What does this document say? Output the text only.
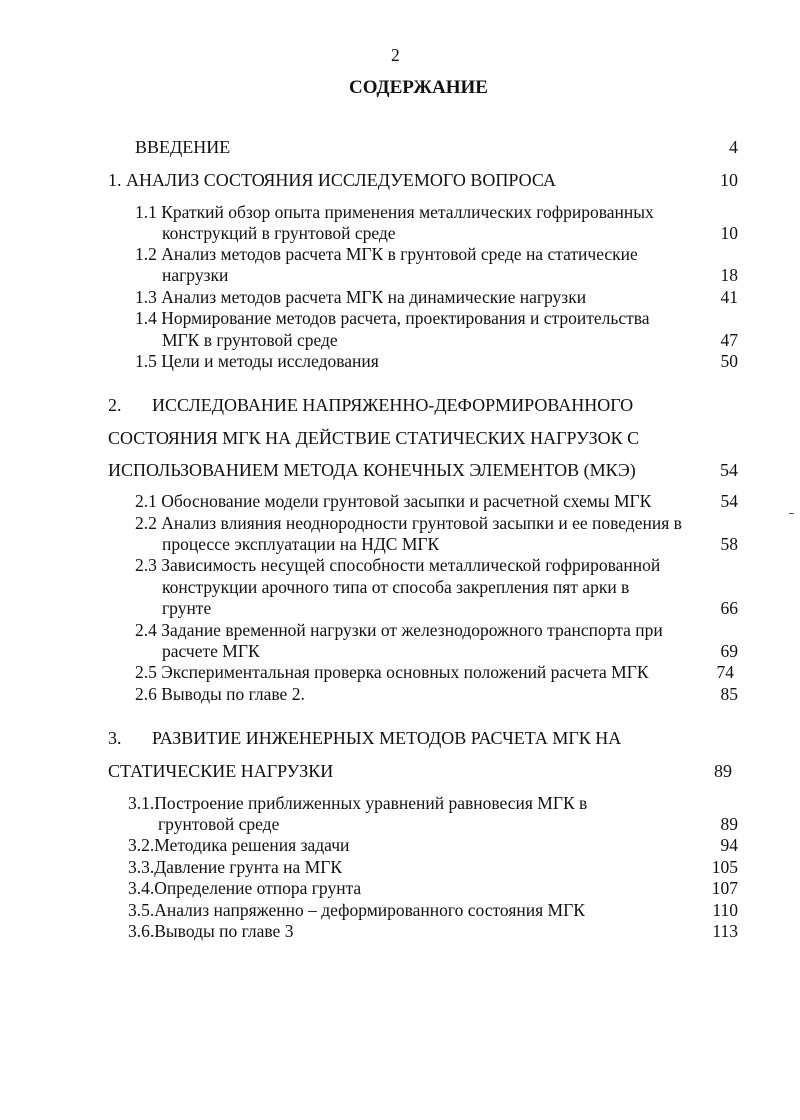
2
СОДЕРЖАНИЕ
ВВЕДЕНИЕ	4
1. АНАЛИЗ СОСТОЯНИЯ ИССЛЕДУЕМОГО ВОПРОСА	10
1.1 Краткий обзор опыта применения металлических гофрированных
конструкций в грунтовой среде	10
1.2 Анализ методов расчета МГК в грунтовой среде на статические
нагрузки	18
1.3 Анализ методов расчета МГК на динамические нагрузки	41
1.4 Нормирование методов расчета, проектирования и строительства
МГК в грунтовой среде	47
1.5 Цели и методы исследования	50
2. ИССЛЕДОВАНИЕ НАПРЯЖЕННО-ДЕФОРМИРОВАННОГО
СОСТОЯНИЯ МГК НА ДЕЙСТВИЕ СТАТИЧЕСКИХ НАГРУЗОК С
ИСПОЛЬЗОВАНИЕМ МЕТОДА КОНЕЧНЫХ ЭЛЕМЕНТОВ (МКЭ)	54
2.1 Обоснование модели грунтовой засыпки и расчетной схемы МГК	54
2.2 Анализ влияния неоднородности грунтовой засыпки и ее поведения в
процессе эксплуатации на НДС МГК	58
2.3 Зависимость несущей способности металлической гофрированной
конструкции арочного типа от способа закрепления пят арки в
грунте	66
2.4 Задание временной нагрузки от железнодорожного транспорта при
расчете МГК	69
2.5 Экспериментальная проверка основных положений расчета МГК	74
2.6 Выводы по главе 2.	85
3. РАЗВИТИЕ ИНЖЕНЕРНЫХ МЕТОДОВ РАСЧЕТА МГК НА
СТАТИЧЕСКИЕ НАГРУЗКИ	89
3.1.Построение приближенных уравнений равновесия МГК в
грунтовой среде	89
3.2.Методика решения задачи	94
3.3.Давление грунта на МГК	105
3.4.Определение отпора грунта	107
3.5.Анализ напряженно – деформированного состояния МГК	110
3.6.Выводы по главе 3	113
